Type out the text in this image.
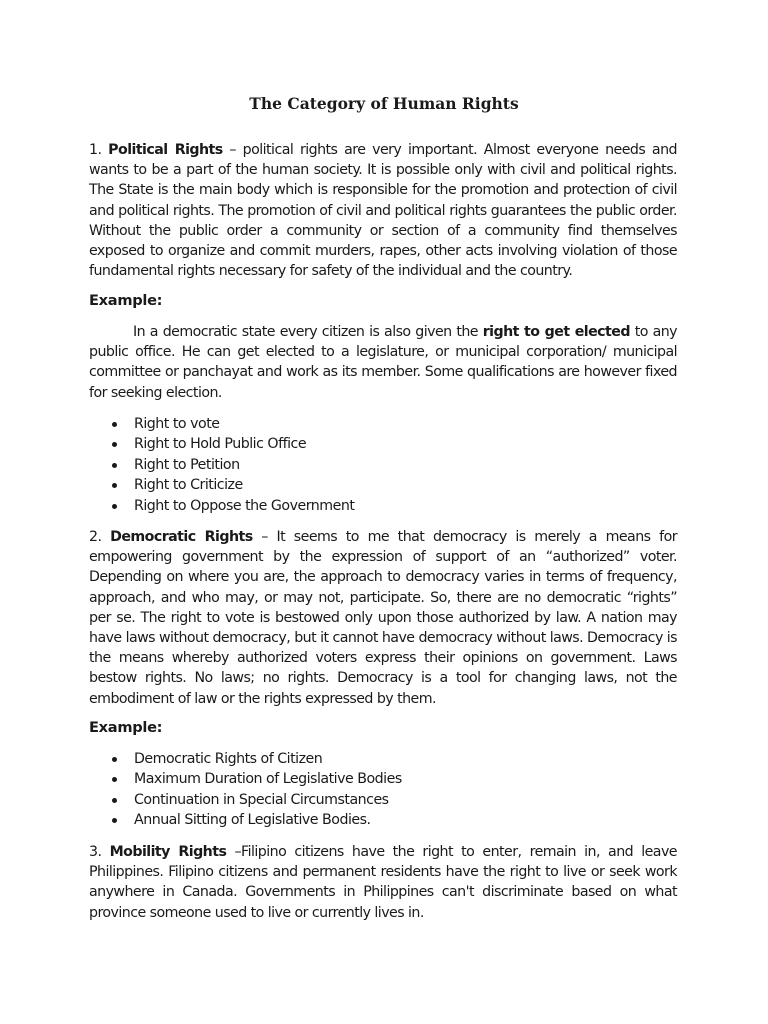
The Category of Human Rights

1. Political Rights – political rights are very important. Almost everyone needs and wants to be a part of the human society. It is possible only with civil and political rights. The State is the main body which is responsible for the promotion and protection of civil and political rights. The promotion of civil and political rights guarantees the public order. Without the public order a community or section of a community find themselves exposed to organize and commit murders, rapes, other acts involving violation of those fundamental rights necessary for safety of the individual and the country.

Example:

In a democratic state every citizen is also given the right to get elected to any public office. He can get elected to a legislature, or municipal corporation/ municipal committee or panchayat and work as its member. Some qualifications are however fixed for seeking election.

Right to vote
Right to Hold Public Office
Right to Petition
Right to Criticize
Right to Oppose the Government

2. Democratic Rights – It seems to me that democracy is merely a means for empowering government by the expression of support of an “authorized” voter. Depending on where you are, the approach to democracy varies in terms of frequency, approach, and who may, or may not, participate. So, there are no democratic “rights” per se. The right to vote is bestowed only upon those authorized by law. A nation may have laws without democracy, but it cannot have democracy without laws. Democracy is the means whereby authorized voters express their opinions on government. Laws bestow rights. No laws; no rights. Democracy is a tool for changing laws, not the embodiment of law or the rights expressed by them.

Example:

Democratic Rights of Citizen
Maximum Duration of Legislative Bodies
Continuation in Special Circumstances
Annual Sitting of Legislative Bodies.

3. Mobility Rights –Filipino citizens have the right to enter, remain in, and leave Philippines. Filipino citizens and permanent residents have the right to live or seek work anywhere in Canada. Governments in Philippines can't discriminate based on what province someone used to live or currently lives in.
